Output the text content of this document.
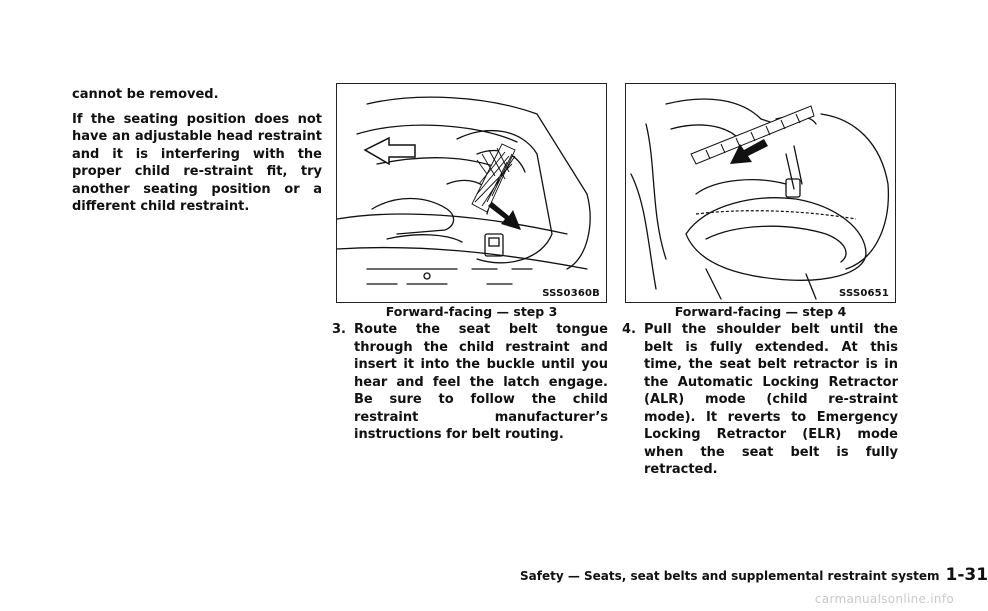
cannot be removed.

If the seating position does not have an adjustable head restraint and it is interfering with the proper child re-straint fit, try another seating position or a different child restraint.

SSS0360B
Forward-facing — step 3
3. Route the seat belt tongue through the child restraint and insert it into the buckle until you hear and feel the latch engage. Be sure to follow the child restraint manufacturer’s instructions for belt routing.
SSS0651
Forward-facing — step 4
4. Pull the shoulder belt until the belt is fully extended. At this time, the seat belt retractor is in the Automatic Locking Retractor (ALR) mode (child re-straint mode). It reverts to Emergency Locking Retractor (ELR) mode when the seat belt is fully retracted.
Safety — Seats, seat belts and supplemental restraint system 1-31
carmanualsonline.info
